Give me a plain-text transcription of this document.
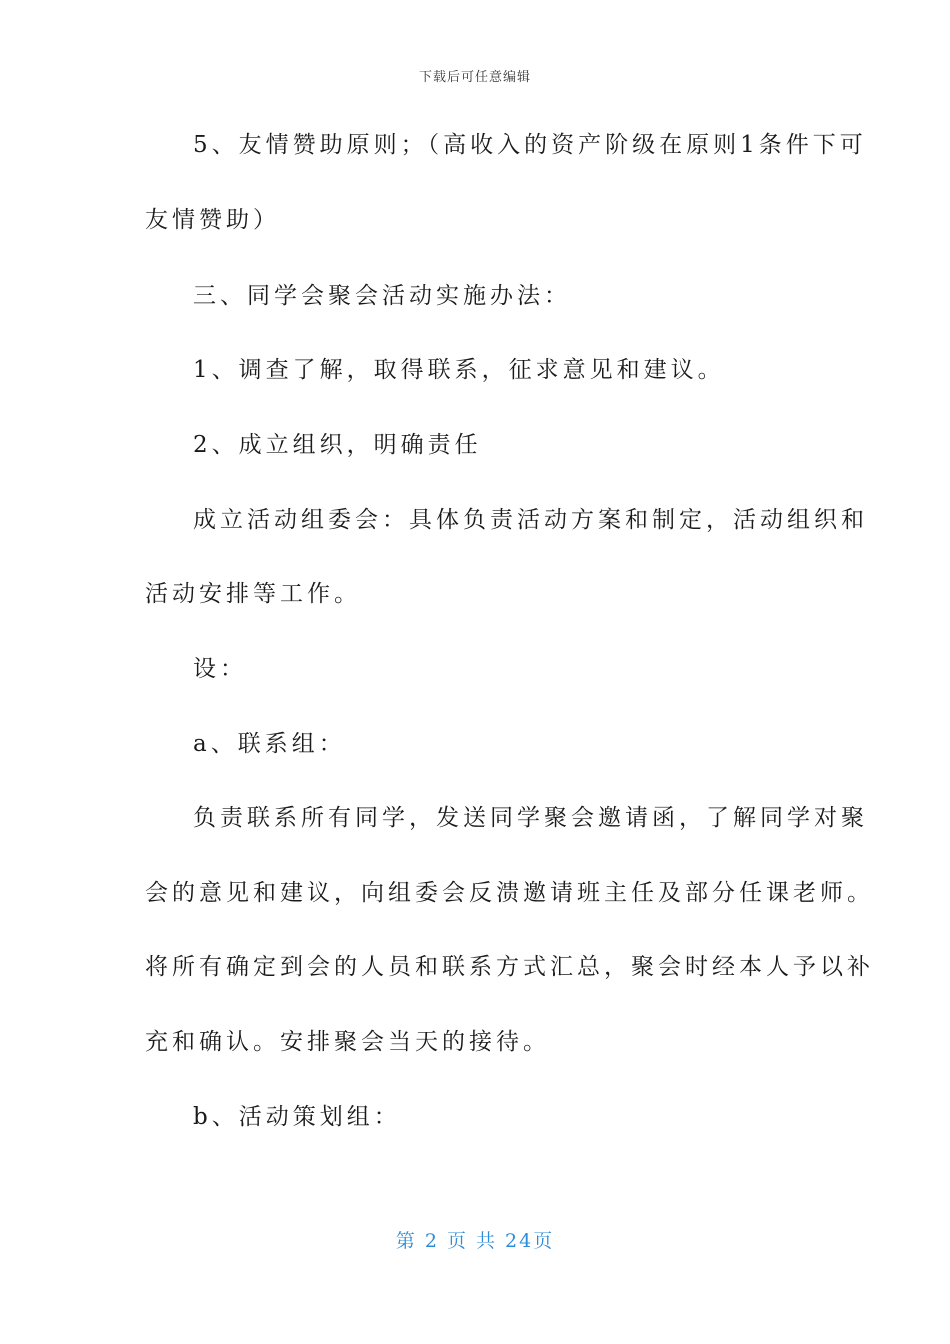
下载后可任意编辑
5、友情赞助原则；（高收入的资产阶级在原则1条件下可
友情赞助）
三、同学会聚会活动实施办法：
1、调查了解，取得联系，征求意见和建议。
2、成立组织，明确责任
成立活动组委会：具体负责活动方案和制定，活动组织和
活动安排等工作。
设：
a、联系组：
负责联系所有同学，发送同学聚会邀请函，了解同学对聚
会的意见和建议，向组委会反溃邀请班主任及部分任课老师。
将所有确定到会的人员和联系方式汇总，聚会时经本人予以补
充和确认。安排聚会当天的接待。
b、活动策划组：
第 2 页 共 24页
